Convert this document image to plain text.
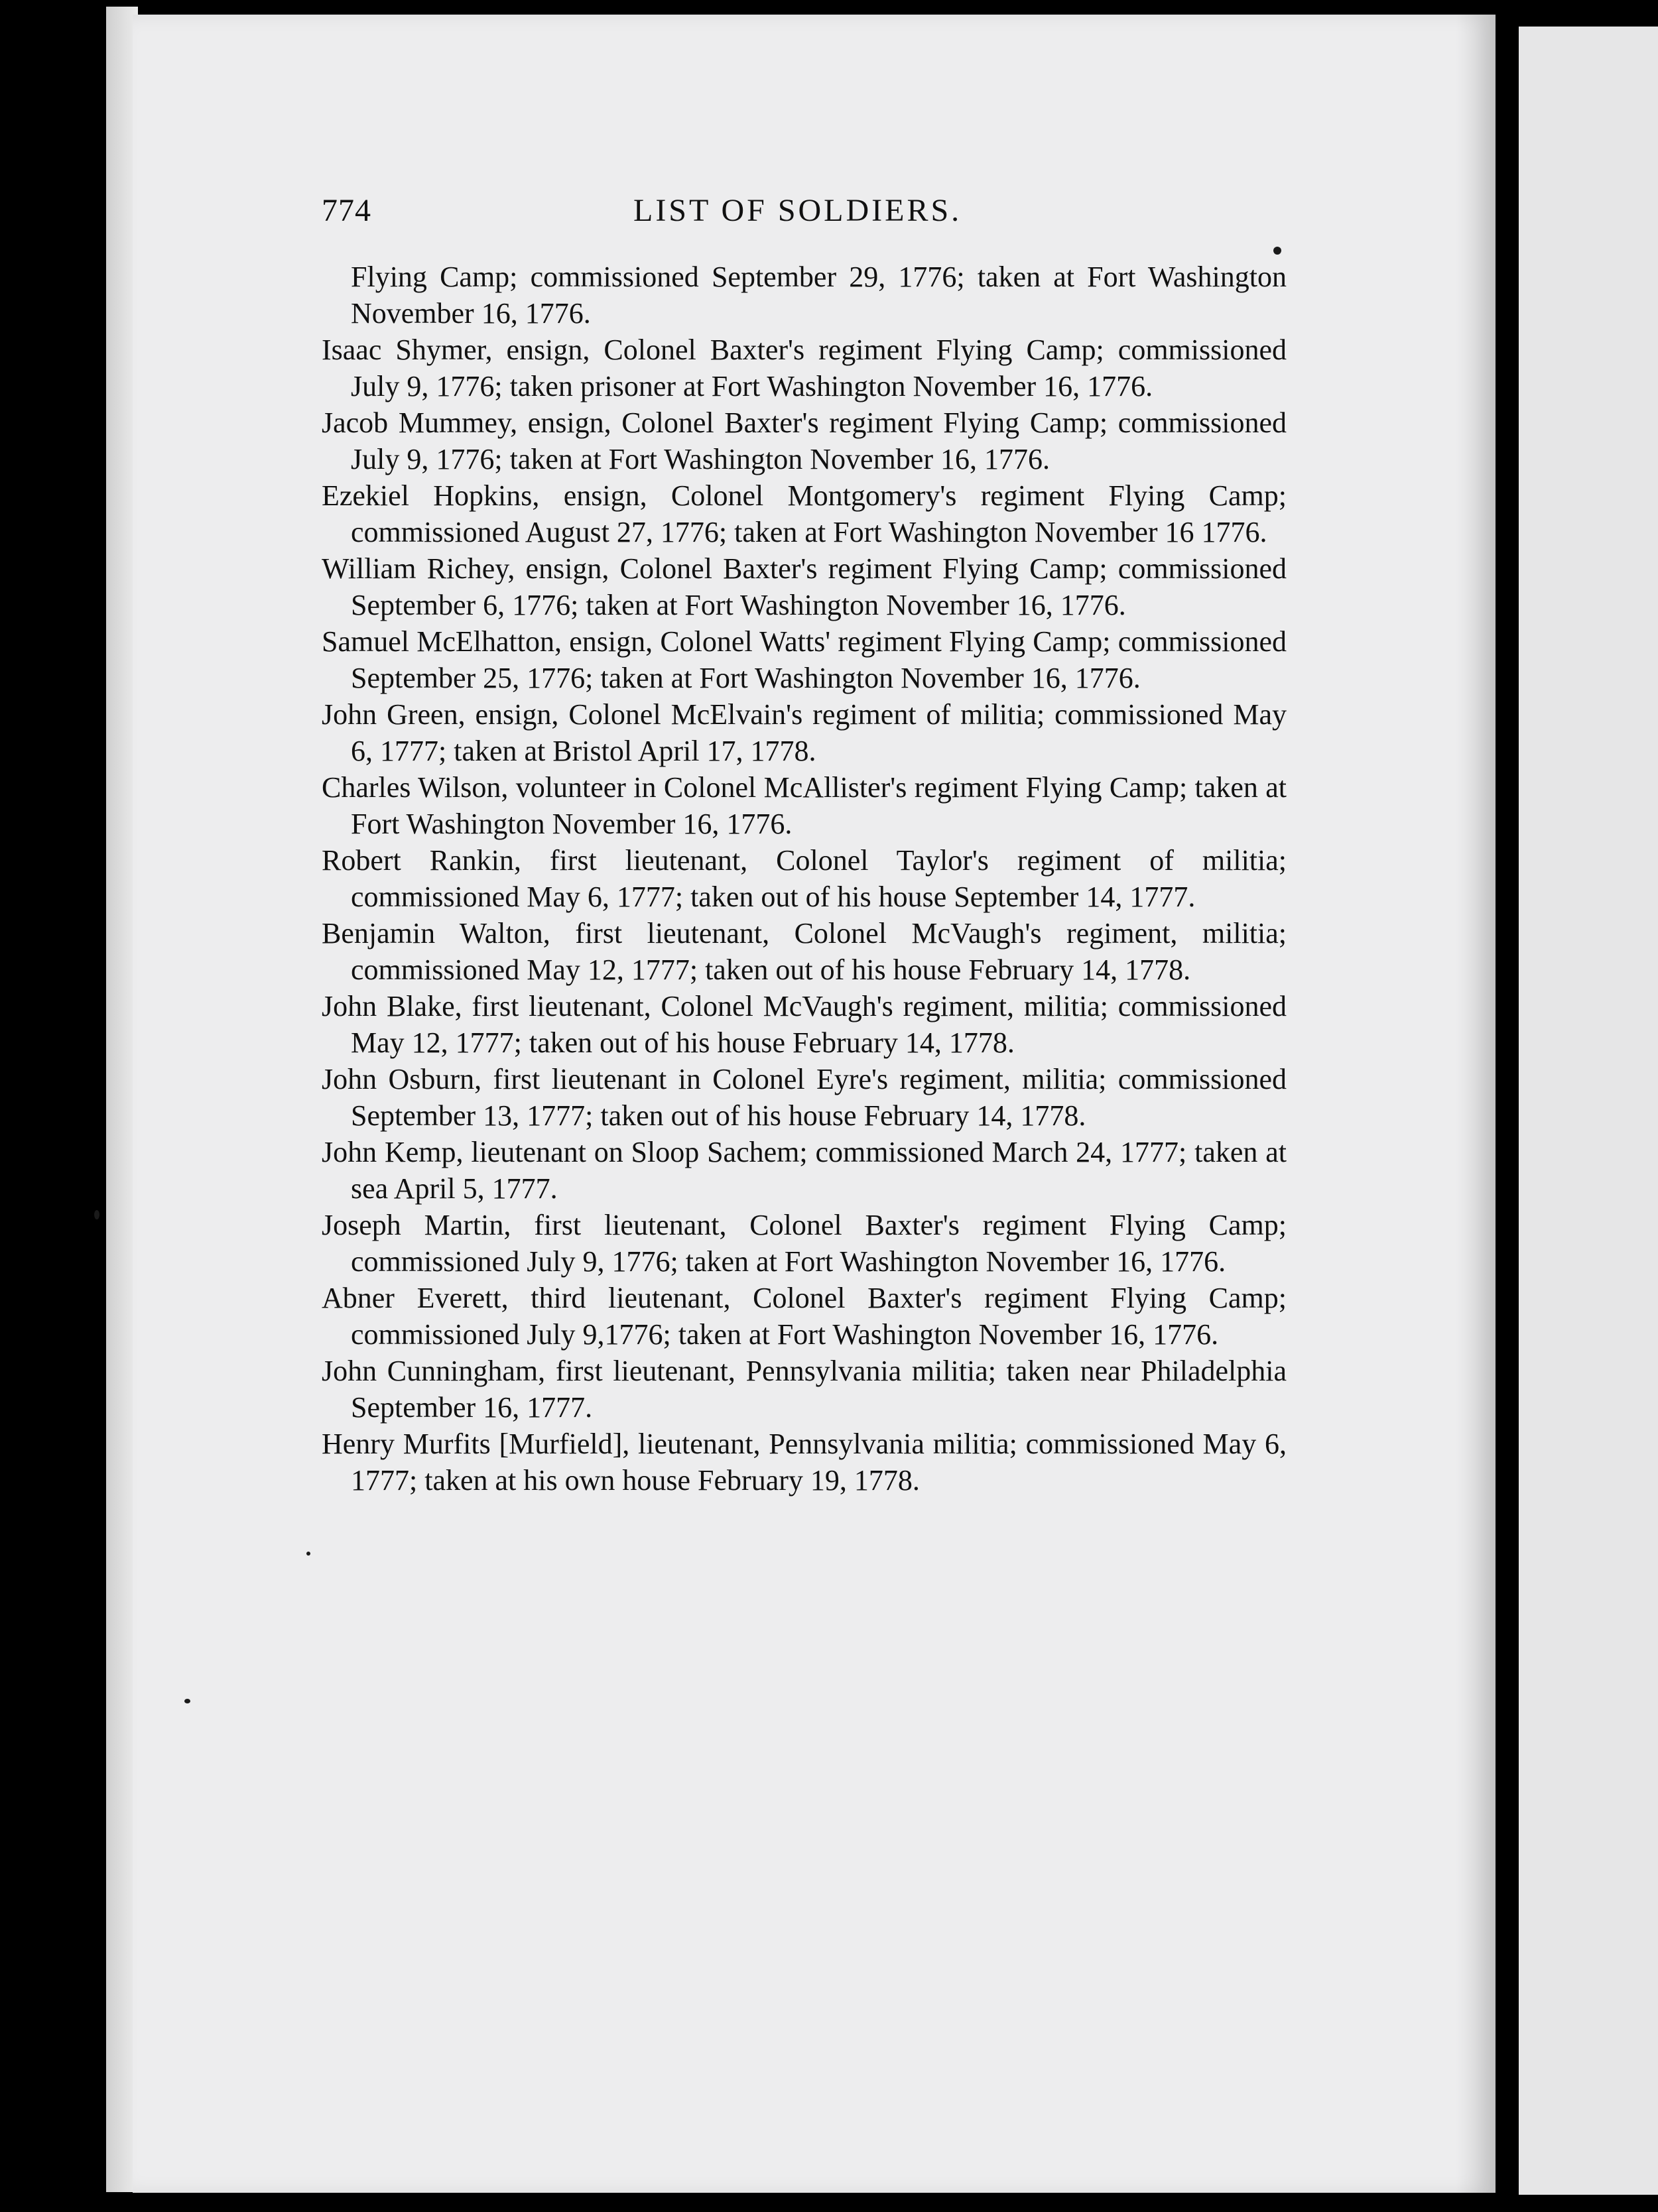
774	LIST OF SOLDIERS.
Flying Camp; commissioned September 29, 1776; taken at Fort Washington November 16, 1776.
Isaac Shymer, ensign, Colonel Baxter's regiment Flying Camp; commissioned July 9, 1776; taken prisoner at Fort Washington November 16, 1776.
Jacob Mummey, ensign, Colonel Baxter's regiment Flying Camp; commissioned July 9, 1776; taken at Fort Washington November 16, 1776.
Ezekiel Hopkins, ensign, Colonel Montgomery's regiment Flying Camp; commissioned August 27, 1776; taken at Fort Washington November 16 1776.
William Richey, ensign, Colonel Baxter's regiment Flying Camp; commissioned September 6, 1776; taken at Fort Washington November 16, 1776.
Samuel McElhatton, ensign, Colonel Watts' regiment Flying Camp; commissioned September 25, 1776; taken at Fort Washington November 16, 1776.
John Green, ensign, Colonel McElvain's regiment of militia; commissioned May 6, 1777; taken at Bristol April 17, 1778.
Charles Wilson, volunteer in Colonel McAllister's regiment Flying Camp; taken at Fort Washington November 16, 1776.
Robert Rankin, first lieutenant, Colonel Taylor's regiment of militia; commissioned May 6, 1777; taken out of his house September 14, 1777.
Benjamin Walton, first lieutenant, Colonel McVaugh's regiment, militia; commissioned May 12, 1777; taken out of his house February 14, 1778.
John Blake, first lieutenant, Colonel McVaugh's regiment, militia; commissioned May 12, 1777; taken out of his house February 14, 1778.
John Osburn, first lieutenant in Colonel Eyre's regiment, militia; commissioned September 13, 1777; taken out of his house February 14, 1778.
John Kemp, lieutenant on Sloop Sachem; commissioned March 24, 1777; taken at sea April 5, 1777.
Joseph Martin, first lieutenant, Colonel Baxter's regiment Flying Camp; commissioned July 9, 1776; taken at Fort Washington November 16, 1776.
Abner Everett, third lieutenant, Colonel Baxter's regiment Flying Camp; commissioned July 9,1776; taken at Fort Washington November 16, 1776.
John Cunningham, first lieutenant, Pennsylvania militia; taken near Philadelphia September 16, 1777.
Henry Murfits [Murfield], lieutenant, Pennsylvania militia; commissioned May 6, 1777; taken at his own house February 19, 1778.
